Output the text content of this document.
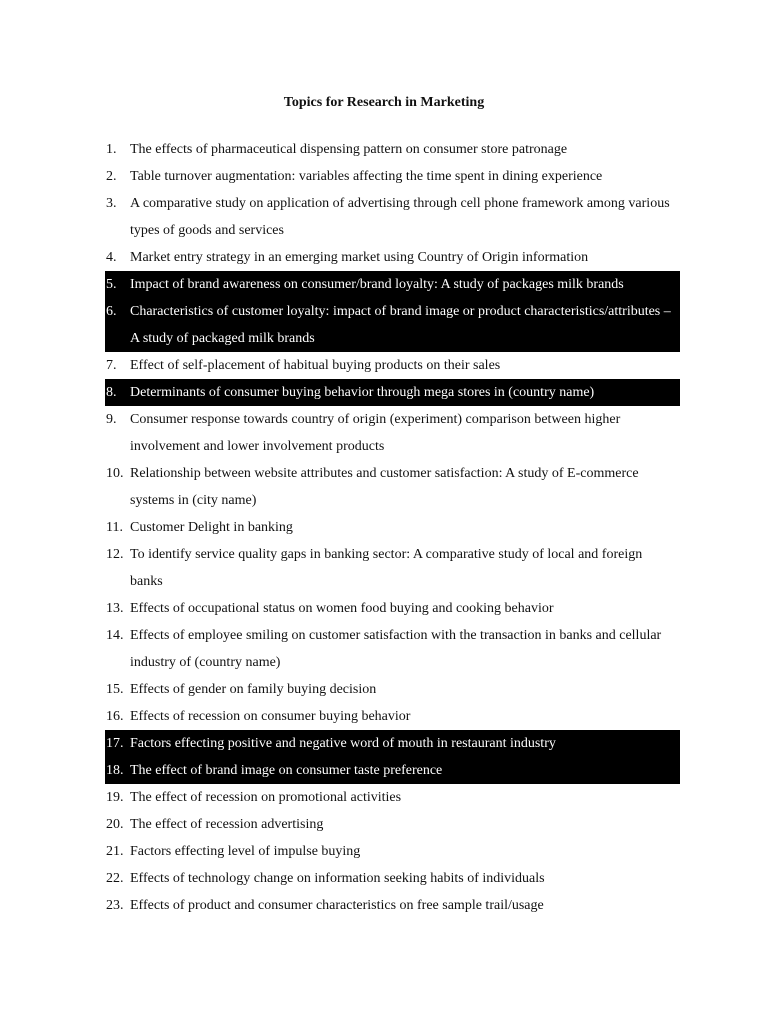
Topics for Research in Marketing
1. The effects of pharmaceutical dispensing pattern on consumer store patronage
2. Table turnover augmentation: variables affecting the time spent in dining experience
3. A comparative study on application of advertising through cell phone framework among various types of goods and services
4. Market entry strategy in an emerging market using Country of Origin information
5. Impact of brand awareness on consumer/brand loyalty: A study of packages milk brands
6. Characteristics of customer loyalty: impact of brand image or product characteristics/attributes – A study of packaged milk brands
7. Effect of self-placement of habitual buying products on their sales
8. Determinants of consumer buying behavior through mega stores in (country name)
9. Consumer response towards country of origin (experiment) comparison between higher involvement and lower involvement products
10. Relationship between website attributes and customer satisfaction: A study of E-commerce systems in (city name)
11. Customer Delight in banking
12. To identify service quality gaps in banking sector: A comparative study of local and foreign banks
13. Effects of occupational status on women food buying and cooking behavior
14. Effects of employee smiling on customer satisfaction with the transaction in banks and cellular industry of (country name)
15. Effects of gender on family buying decision
16. Effects of recession on consumer buying behavior
17. Factors effecting positive and negative word of mouth in restaurant industry
18. The effect of brand image on consumer taste preference
19. The effect of recession on promotional activities
20. The effect of recession advertising
21. Factors effecting level of impulse buying
22. Effects of technology change on information seeking habits of individuals
23. Effects of product and consumer characteristics on free sample trail/usage
